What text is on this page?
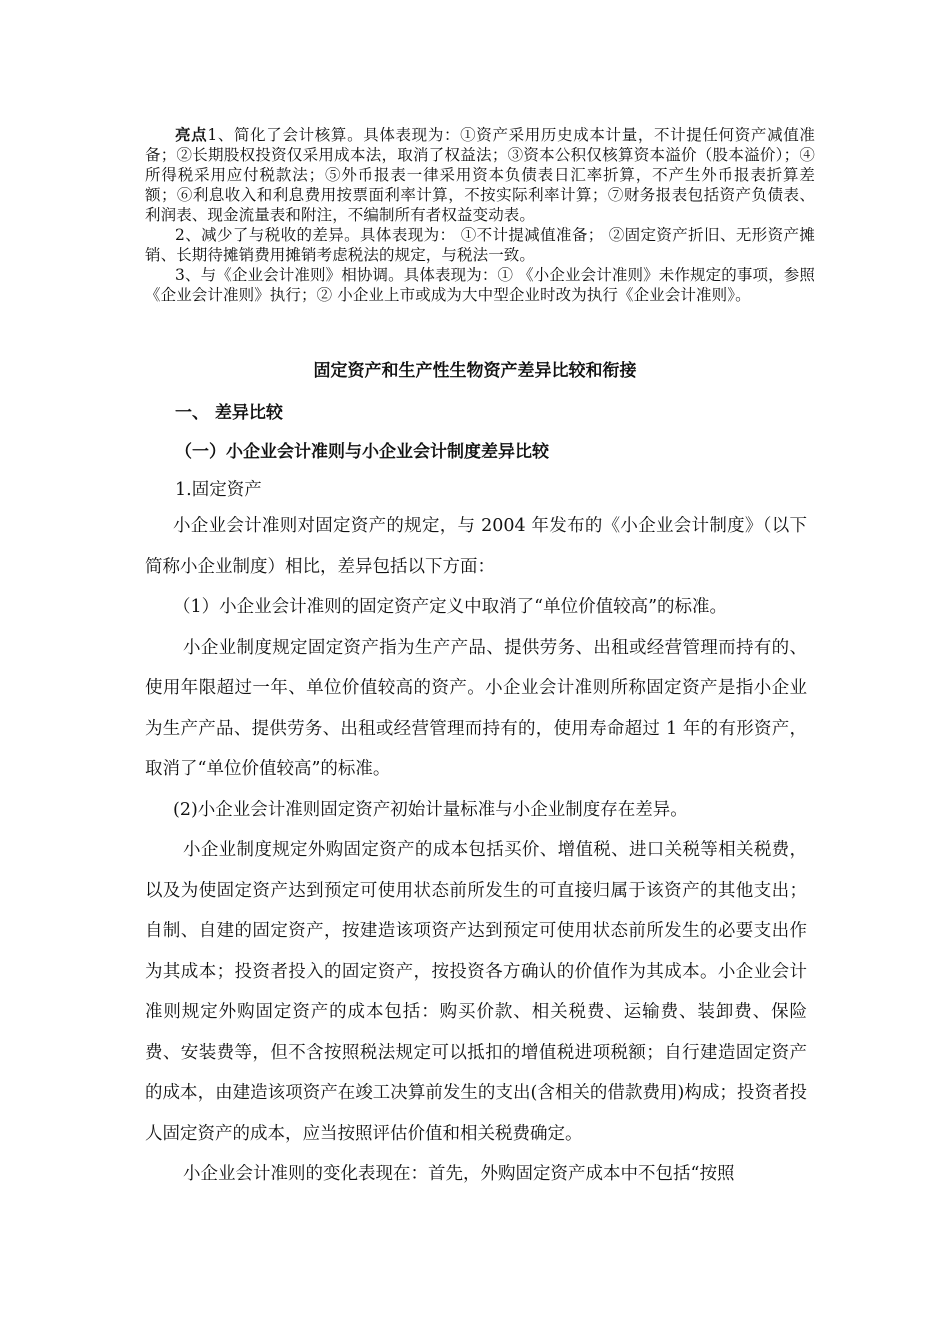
亮点1、简化了会计核算。具体表现为：①资产采用历史成本计量，不计提任何资产减值准备；②长期股权投资仅采用成本法，取消了权益法；③资本公积仅核算资本溢价（股本溢价）；④所得税采用应付税款法；⑤外币报表一律采用资本负债表日汇率折算，不产生外币报表折算差额；⑥利息收入和利息费用按票面利率计算，不按实际利率计算；⑦财务报表包括资产负债表、利润表、现金流量表和附注，不编制所有者权益变动表。

2、减少了与税收的差异。具体表现为： ①不计提减值准备； ②固定资产折旧、无形资产摊销、长期待摊销费用摊销考虑税法的规定，与税法一致。

3、与《企业会计准则》相协调。具体表现为：① 《小企业会计准则》未作规定的事项，参照《企业会计准则》执行；② 小企业上市或成为大中型企业时改为执行《企业会计准则》。

固定资产和生产性生物资产差异比较和衔接
一、 差异比较
（一）小企业会计准则与小企业会计制度差异比较
1.固定资产

小企业会计准则对固定资产的规定，与 2004 年发布的《小企业会计制度》（以下简称小企业制度）相比，差异包括以下方面：

（1）小企业会计准则的固定资产定义中取消了“单位价值较高”的标准。

小企业制度规定固定资产指为生产产品、提供劳务、出租或经营管理而持有的、使用年限超过一年、单位价值较高的资产。小企业会计准则所称固定资产是指小企业为生产产品、提供劳务、出租或经营管理而持有的，使用寿命超过 1 年的有形资产，取消了“单位价值较高”的标准。

(2)小企业会计准则固定资产初始计量标准与小企业制度存在差异。

小企业制度规定外购固定资产的成本包括买价、增值税、进口关税等相关税费，以及为使固定资产达到预定可使用状态前所发生的可直接归属于该资产的其他支出；自制、自建的固定资产，按建造该项资产达到预定可使用状态前所发生的必要支出作为其成本；投资者投入的固定资产，按投资各方确认的价值作为其成本。小企业会计准则规定外购固定资产的成本包括：购买价款、相关税费、运输费、装卸费、保险费、安装费等，但不含按照税法规定可以抵扣的增值税进项税额；自行建造固定资产的成本，由建造该项资产在竣工决算前发生的支出(含相关的借款费用)构成；投资者投人固定资产的成本，应当按照评估价值和相关税费确定。

小企业会计准则的变化表现在：首先，外购固定资产成本中不包括“按照
